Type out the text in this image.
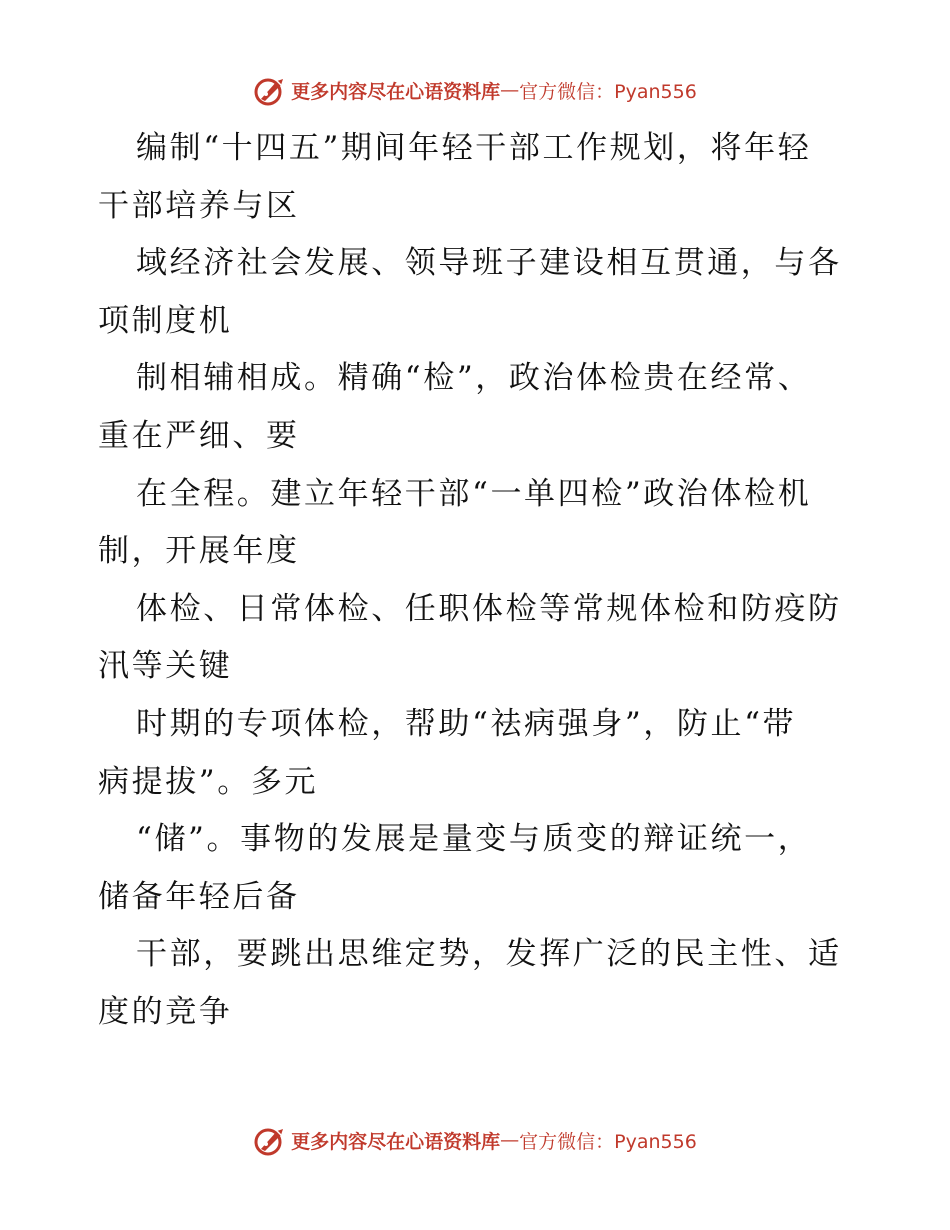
更多内容尽在心语资料库 — 官方微信：Pyan556
编制“十四五”期间年轻干部工作规划，将年轻
干部培养与区
域经济社会发展、领导班子建设相互贯通，与各
项制度机
制相辅相成。精确“检”，政治体检贵在经常、
重在严细、要
在全程。建立年轻干部“一单四检”政治体检机
制，开展年度
体检、日常体检、任职体检等常规体检和防疫防
汛等关键
时期的专项体检，帮助“祛病强身”，防止“带
病提拔”。多元
“储”。事物的发展是量变与质变的辩证统一，
储备年轻后备
干部，要跳出思维定势，发挥广泛的民主性、适
度的竞争
更多内容尽在心语资料库 — 官方微信：Pyan556
